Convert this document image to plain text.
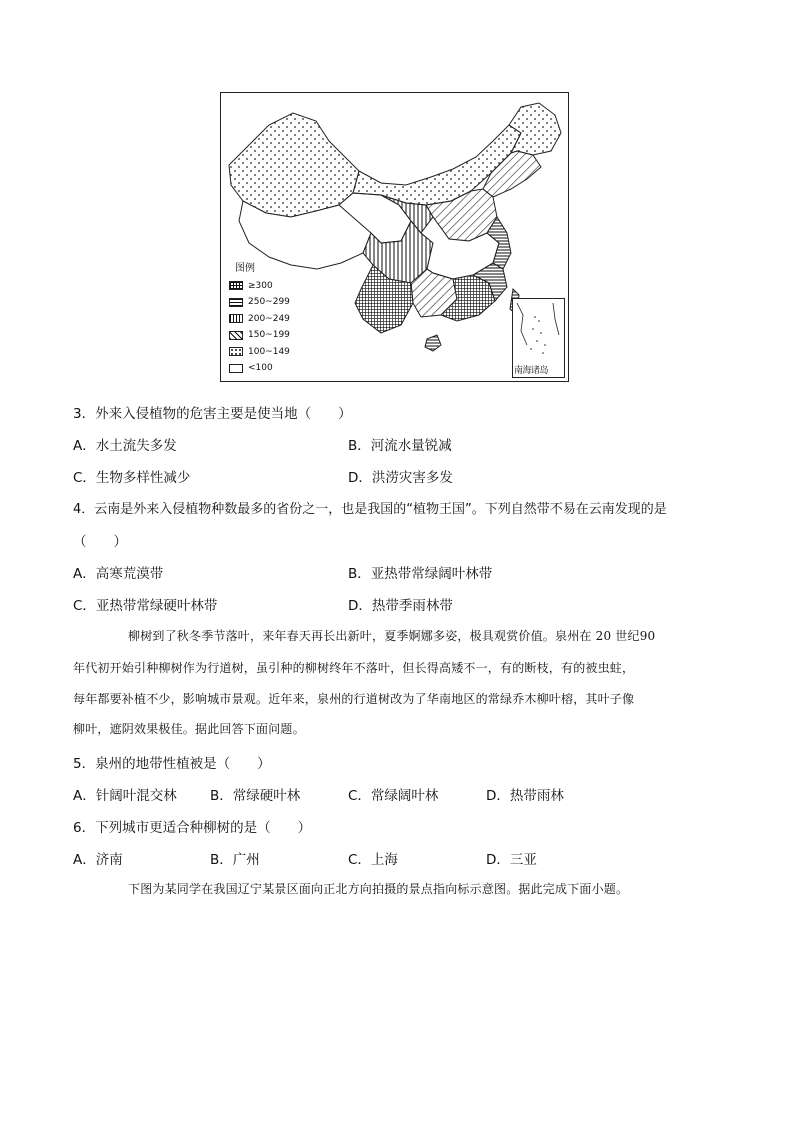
图例
≥300
250~299
200~249
150~199
100~149
<100	南海诸岛
3．外来入侵植物的危害主要是使当地（　　）
A．水土流失多发	B．河流水量锐减
C．生物多样性减少	D．洪涝灾害多发
4．云南是外来入侵植物种数最多的省份之一，也是我国的“植物王国”。下列自然带不易在云南发现的是
（　　）
A．高寒荒漠带	B．亚热带常绿阔叶林带
C．亚热带常绿硬叶林带	D．热带季雨林带
柳树到了秋冬季节落叶，来年春天再长出新叶，夏季婀娜多姿，极具观赏价值。泉州在 20 世纪90
年代初开始引种柳树作为行道树，虽引种的柳树终年不落叶，但长得高矮不一，有的断枝，有的被虫蛀，
每年都要补植不少，影响城市景观。近年来，泉州的行道树改为了华南地区的常绿乔木柳叶榕，其叶子像
柳叶，遮阴效果极佳。据此回答下面问题。
5．泉州的地带性植被是（　　）
A．针阔叶混交林 B．常绿硬叶林	C．常绿阔叶林	D．热带雨林
6．下列城市更适合种柳树的是（　　）
A．济南	B．广州	C．上海	D．三亚
下图为某同学在我国辽宁某景区面向正北方向拍摄的景点指向标示意图。据此完成下面小题。
